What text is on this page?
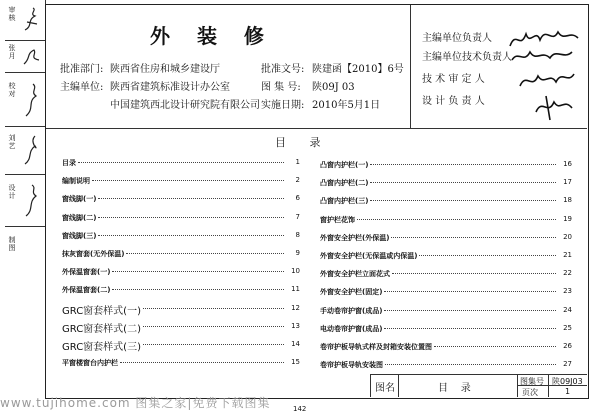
审核
张月
校对
刘艺
设计
制图
外 装 修
批准部门: 陕西省住房和城乡建设厅
主编单位: 陕西省建筑标准设计办公室
中国建筑西北设计研究院有限公司
批准文号: 陕建函【2010】6号
图 集 号: 陕09J 03
实施日期: 2010年5月1日
主编单位负责人
主编单位技术负责人
技 术 审 定 人
设 计 负 责 人
目 录
目录	1
编制说明	2
窗线脚(一)	6
窗线脚(二)	7
窗线脚(三)	8
抹灰窗套(无外保温)	9
外保温窗套(一)	10
外保温窗套(二)	11
GRC窗套样式(一)	12
GRC窗套样式(二)	13
GRC窗套样式(三)	14
平窗楼窗台内护栏	15
凸窗内护栏(一)	16
凸窗内护栏(二)	17
凸窗内护栏(三)	18
窗护栏花饰	19
外窗安全护栏(外保温)	20
外窗安全护栏(无保温或内保温)	21
外窗安全护栏立面花式	22
外窗安全护栏(固定)	23
手动卷帘护窗(成品)	24
电动卷帘护窗(成品)	25
卷帘护板导轨式样及封箱安装位置图	26
卷帘护板导轨安装图	27
图名	目    录
图集号 陕09J03
页次	1
www.tujihome.com 图集之家|免费下载图集	142
